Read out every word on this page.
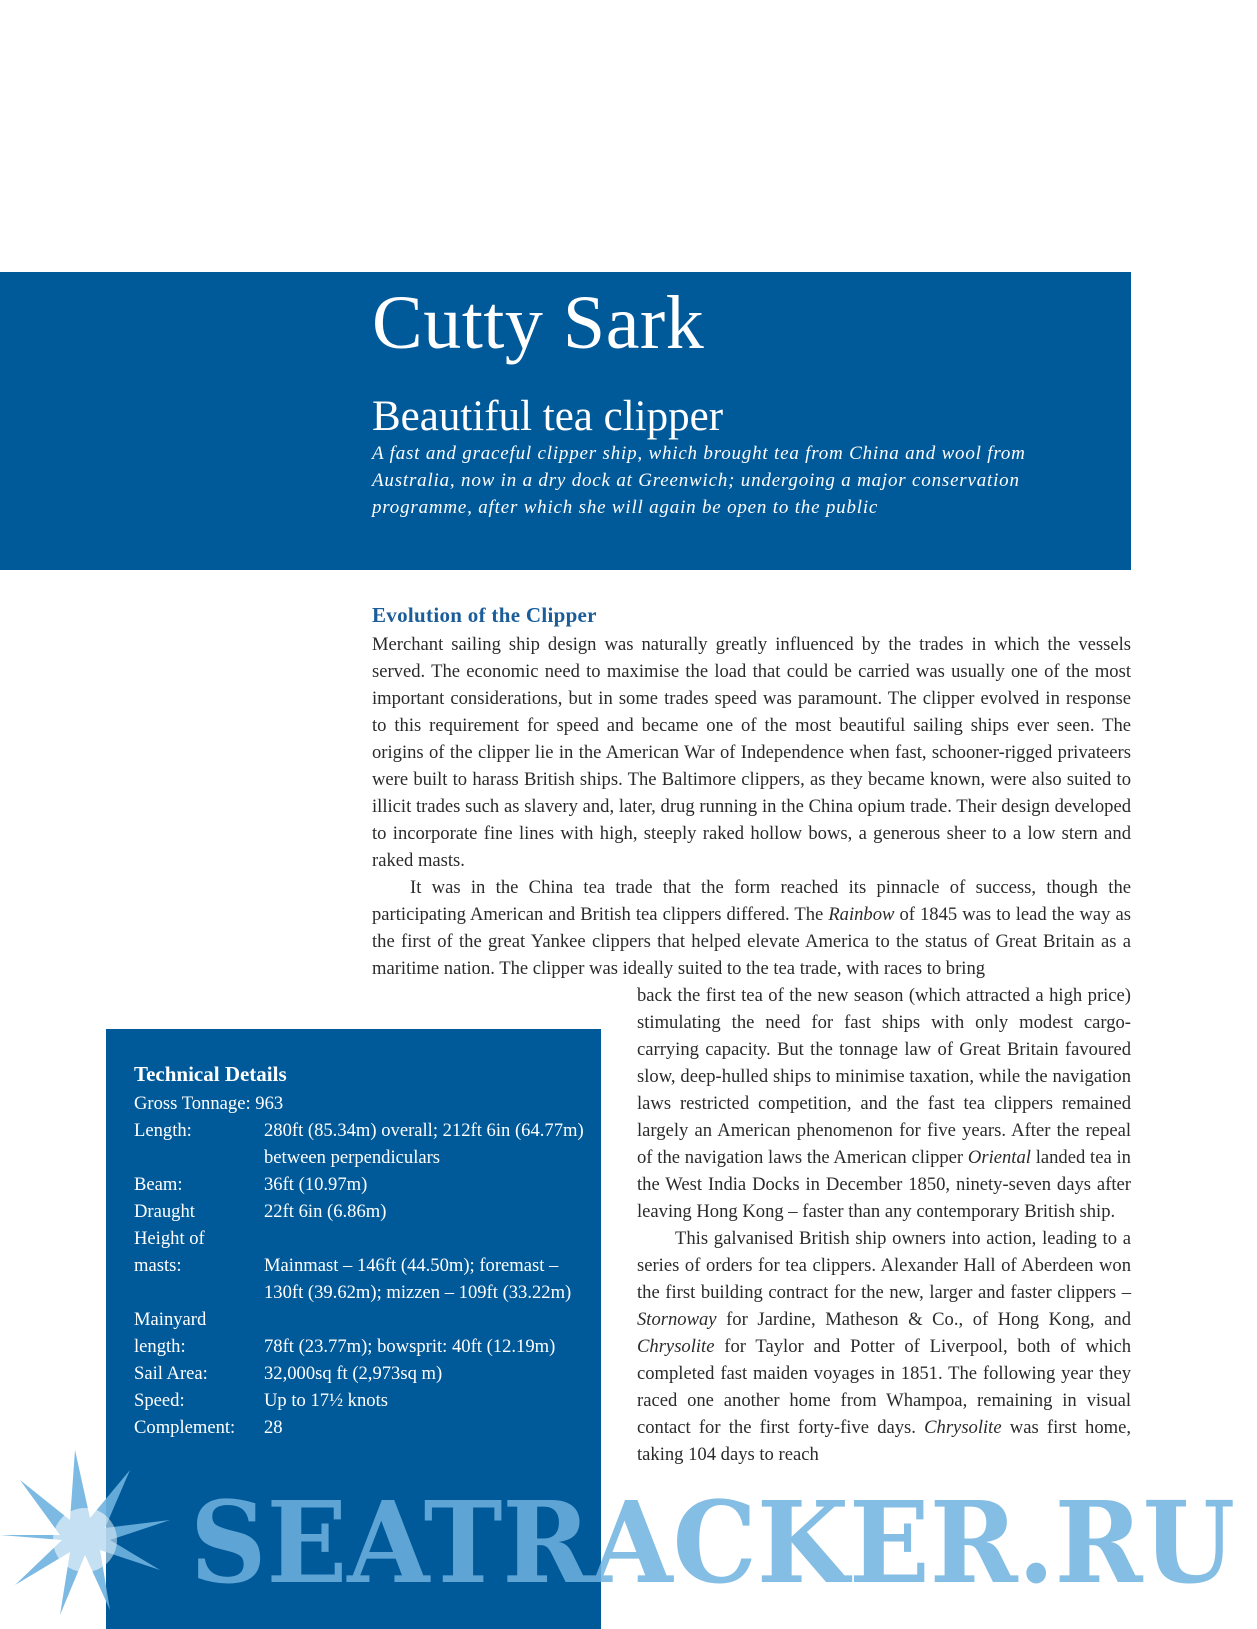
Cutty Sark
Beautiful tea clipper

A fast and graceful clipper ship, which brought tea from China and wool from Australia, now in a dry dock at Greenwich; undergoing a major conservation programme, after which she will again be open to the public

Evolution of the Clipper

Merchant sailing ship design was naturally greatly influenced by the trades in which the vessels served. The economic need to maximise the load that could be carried was usually one of the most important considerations, but in some trades speed was paramount. The clipper evolved in response to this requirement for speed and became one of the most beautiful sailing ships ever seen. The origins of the clipper lie in the American War of Independence when fast, schooner-rigged privateers were built to harass British ships. The Baltimore clippers, as they became known, were also suited to illicit trades such as slavery and, later, drug running in the China opium trade. Their design developed to incorporate fine lines with high, steeply raked hollow bows, a generous sheer to a low stern and raked masts.

It was in the China tea trade that the form reached its pinnacle of success, though the participating American and British tea clippers differed. The Rainbow of 1845 was to lead the way as the first of the great Yankee clippers that helped elevate America to the status of Great Britain as a maritime nation. The clipper was ideally suited to the tea trade, with races to bring

back the first tea of the new season (which attracted a high price) stimulating the need for fast ships with only modest cargo-carrying capacity. But the tonnage law of Great Britain favoured slow, deep-hulled ships to minimise taxation, while the navigation laws restricted competition, and the fast tea clippers remained largely an American phenomenon for five years. After the repeal of the navigation laws the American clipper Oriental landed tea in the West India Docks in December 1850, ninety-seven days after leaving Hong Kong – faster than any contemporary British ship.

This galvanised British ship owners into action, leading to a series of orders for tea clippers. Alexander Hall of Aberdeen won the first building contract for the new, larger and faster clippers – Stornoway for Jardine, Matheson & Co., of Hong Kong, and Chrysolite for Taylor and Potter of Liverpool, both of which completed fast maiden voyages in 1851. The following year they raced one another home from Whampoa, remaining in visual contact for the first forty-five days. Chrysolite was first home, taking 104 days to reach

Technical Details
Gross Tonnage: 963
Length:	280ft (85.34m) overall; 212ft 6in (64.77m) between perpendiculars
Beam:	36ft (10.97m)
Draught	22ft 6in (6.86m)
Height of
masts:	Mainmast – 146ft (44.50m); foremast – 130ft (39.62m); mizzen – 109ft (33.22m)
Mainyard
length:	78ft (23.77m); bowsprit: 40ft (12.19m)
Sail Area:	32,000sq ft (2,973sq m)
Speed:	Up to 17½ knots
Complement:	28
SEATRACKER.RU
